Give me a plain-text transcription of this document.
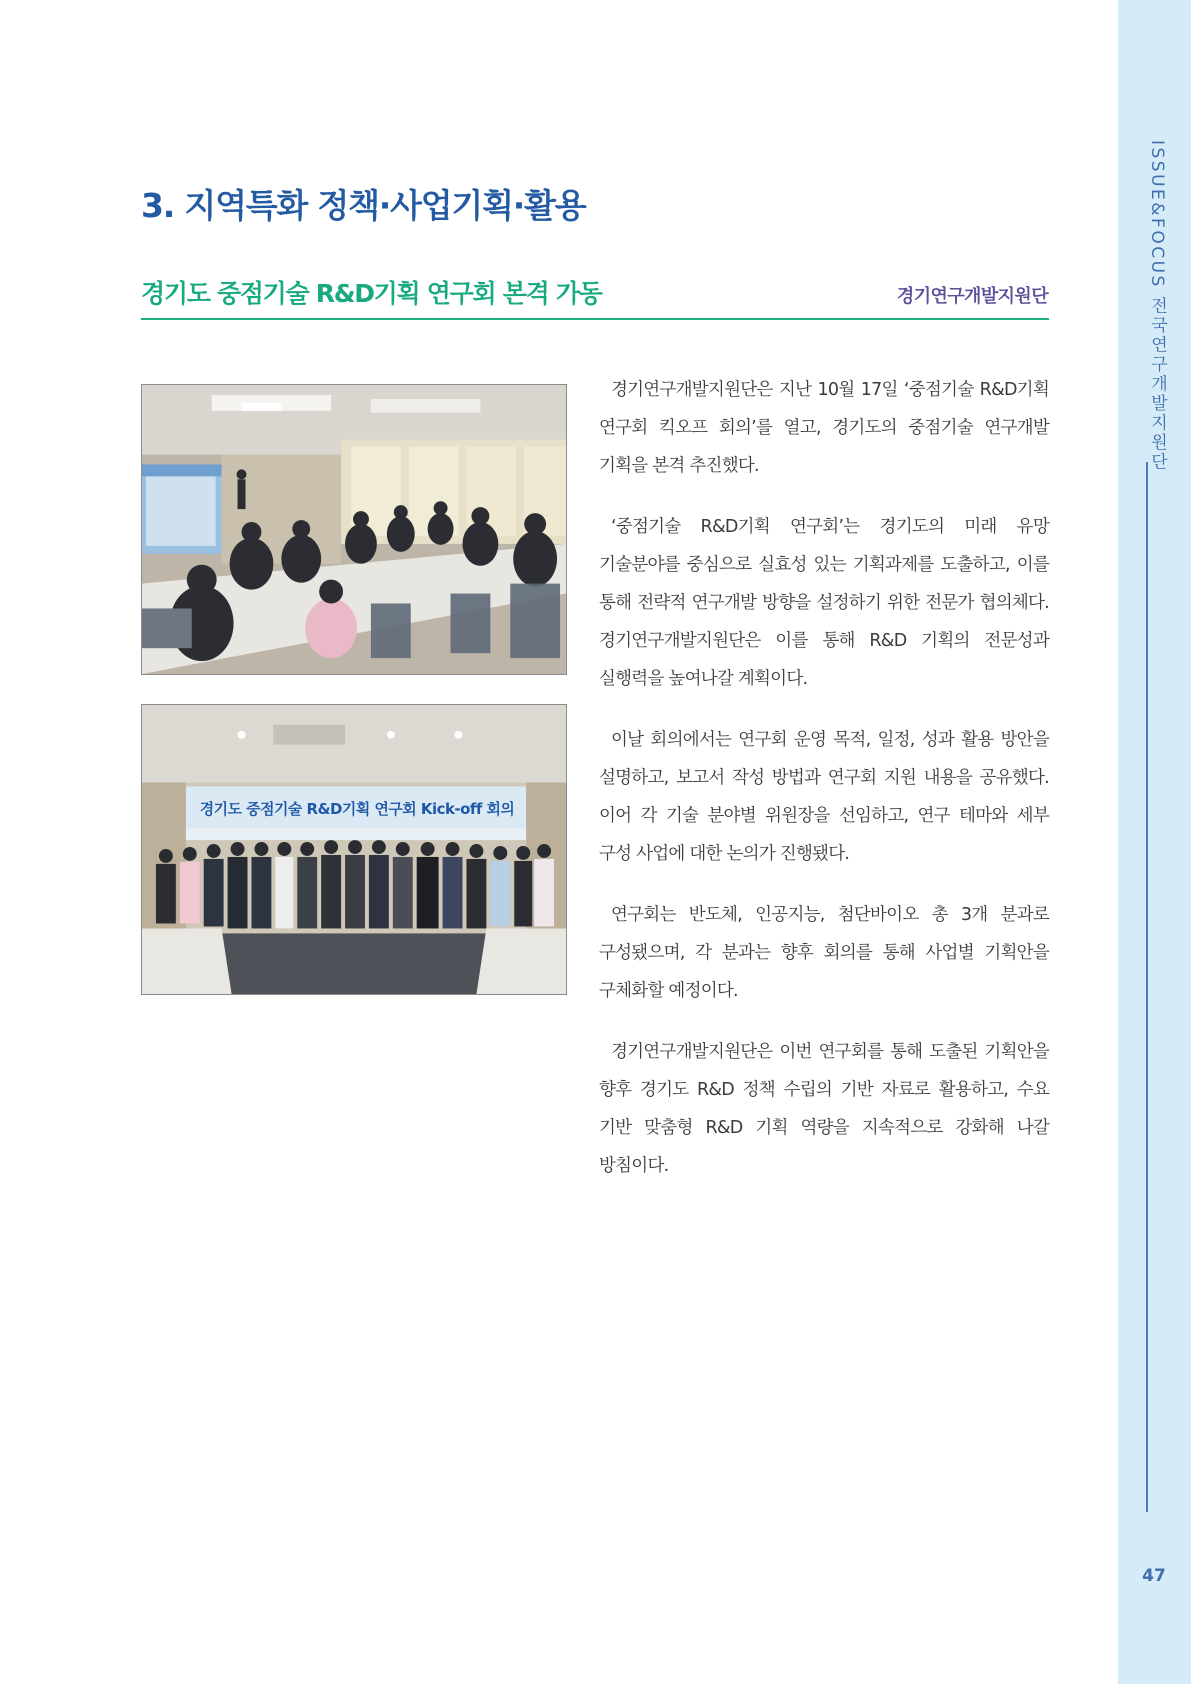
ISSUE&FOCUS 전국연구개발지원단
47
3. 지역특화 정책·사업기획·활용
경기도 중점기술 R&D기획 연구회 본격 가동	경기연구개발지원단
경기도 중점기술 R&D기획 연구회 Kick-off 회의

경기연구개발지원단은 지난 10월 17일 ‘중점기술 R&D기획 연구회 킥오프 회의’를 열고, 경기도의 중점기술 연구개발 기획을 본격 추진했다.

‘중점기술 R&D기획 연구회’는 경기도의 미래 유망 기술분야를 중심으로 실효성 있는 기획과제를 도출하고, 이를 통해 전략적 연구개발 방향을 설정하기 위한 전문가 협의체다. 경기연구개발지원단은 이를 통해 R&D 기획의 전문성과 실행력을 높여나갈 계획이다.

이날 회의에서는 연구회 운영 목적, 일정, 성과 활용 방안을 설명하고, 보고서 작성 방법과 연구회 지원 내용을 공유했다. 이어 각 기술 분야별 위원장을 선임하고, 연구 테마와 세부 구성 사업에 대한 논의가 진행됐다.

연구회는 반도체, 인공지능, 첨단바이오 총 3개 분과로 구성됐으며, 각 분과는 향후 회의를 통해 사업별 기획안을 구체화할 예정이다.

경기연구개발지원단은 이번 연구회를 통해 도출된 기획안을 향후 경기도 R&D 정책 수립의 기반 자료로 활용하고, 수요 기반 맞춤형 R&D 기획 역량을 지속적으로 강화해 나갈 방침이다.
